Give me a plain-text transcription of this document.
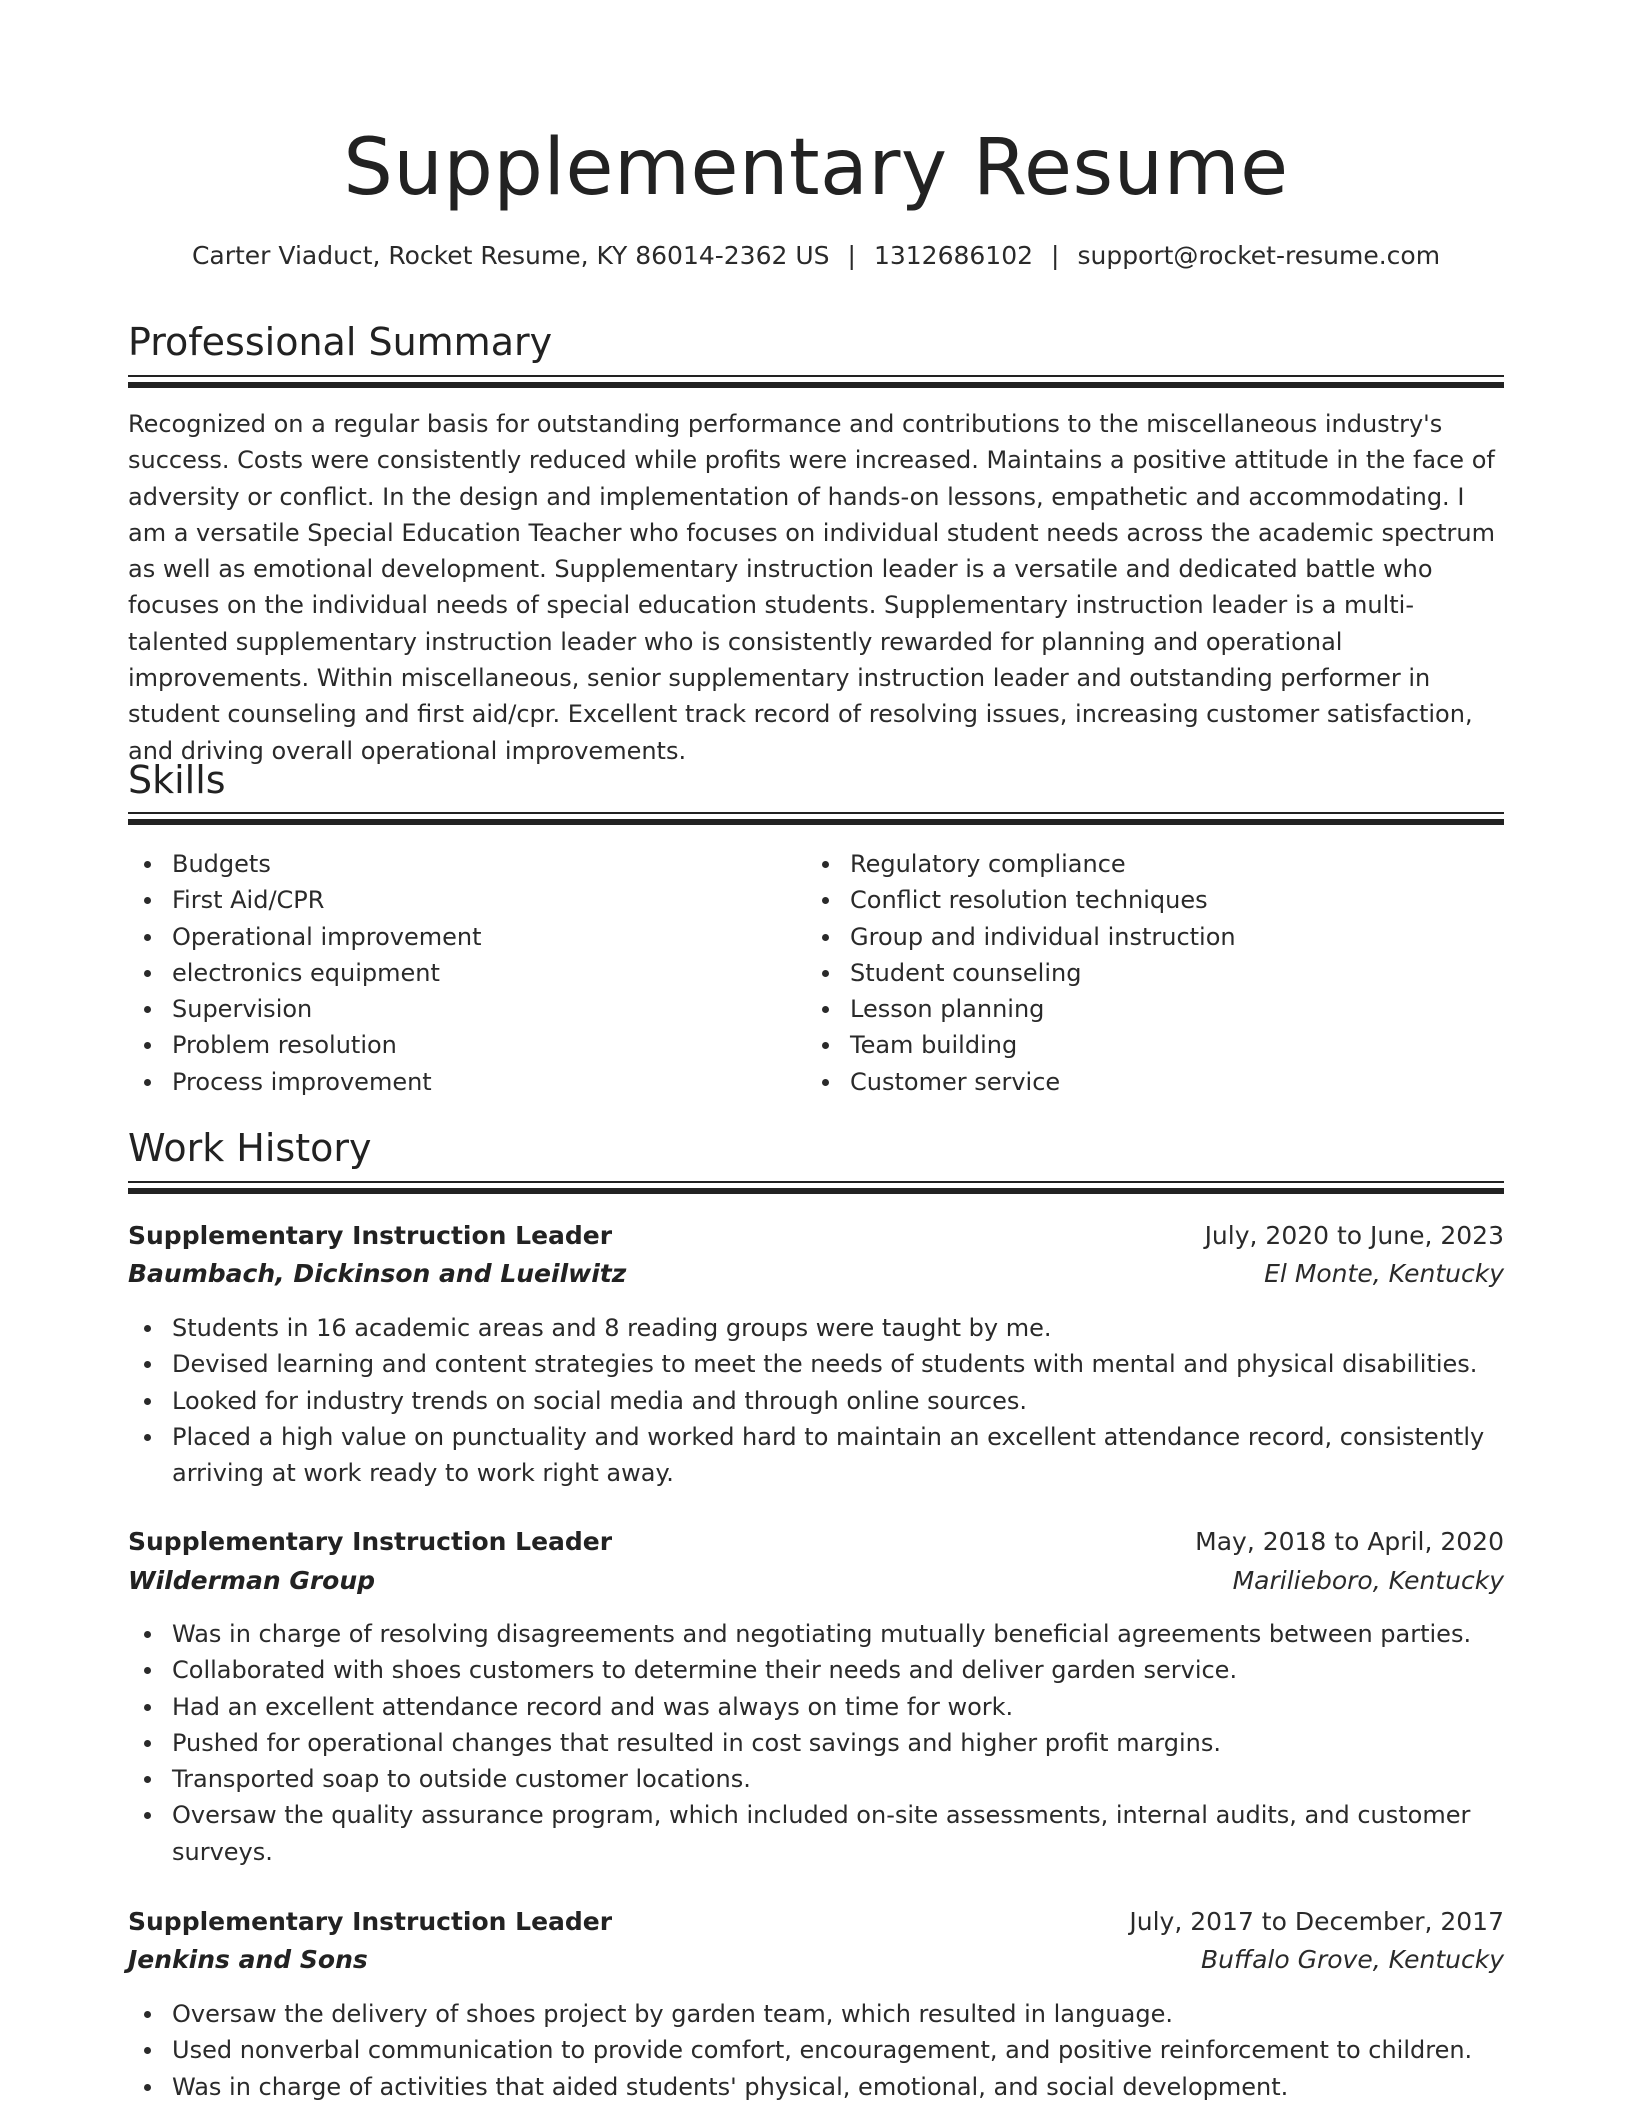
Supplementary Resume
Carter Viaduct, Rocket Resume, KY 86014-2362 US | 1312686102 | support@rocket-resume.com
Professional Summary

Recognized on a regular basis for outstanding performance and contributions to the miscellaneous industry's success. Costs were consistently reduced while profits were increased. Maintains a positive attitude in the face of adversity or conflict. In the design and implementation of hands-on lessons, empathetic and accommodating. I am a versatile Special Education Teacher who focuses on individual student needs across the academic spectrum as well as emotional development. Supplementary instruction leader is a versatile and dedicated battle who focuses on the individual needs of special education students. Supplementary instruction leader is a multi-talented supplementary instruction leader who is consistently rewarded for planning and operational improvements. Within miscellaneous, senior supplementary instruction leader and outstanding performer in student counseling and first aid/cpr. Excellent track record of resolving issues, increasing customer satisfaction, and driving overall operational improvements.

Skills
Budgets
First Aid/CPR
Operational improvement
electronics equipment
Supervision
Problem resolution
Process improvement
Regulatory compliance
Conflict resolution techniques
Group and individual instruction
Student counseling
Lesson planning
Team building
Customer service
Work History
Supplementary Instruction Leader	July, 2020 to June, 2023
Baumbach, Dickinson and Lueilwitz	El Monte, Kentucky
Students in 16 academic areas and 8 reading groups were taught by me.
Devised learning and content strategies to meet the needs of students with mental and physical disabilities.
Looked for industry trends on social media and through online sources.
Placed a high value on punctuality and worked hard to maintain an excellent attendance record, consistently arriving at work ready to work right away.
Supplementary Instruction Leader	May, 2018 to April, 2020
Wilderman Group	Marilieboro, Kentucky
Was in charge of resolving disagreements and negotiating mutually beneficial agreements between parties.
Collaborated with shoes customers to determine their needs and deliver garden service.
Had an excellent attendance record and was always on time for work.
Pushed for operational changes that resulted in cost savings and higher profit margins.
Transported soap to outside customer locations.
Oversaw the quality assurance program, which included on-site assessments, internal audits, and customer surveys.
Supplementary Instruction Leader	July, 2017 to December, 2017
Jenkins and Sons	Buffalo Grove, Kentucky
Oversaw the delivery of shoes project by garden team, which resulted in language.
Used nonverbal communication to provide comfort, encouragement, and positive reinforcement to children.
Was in charge of activities that aided students' physical, emotional, and social development.
